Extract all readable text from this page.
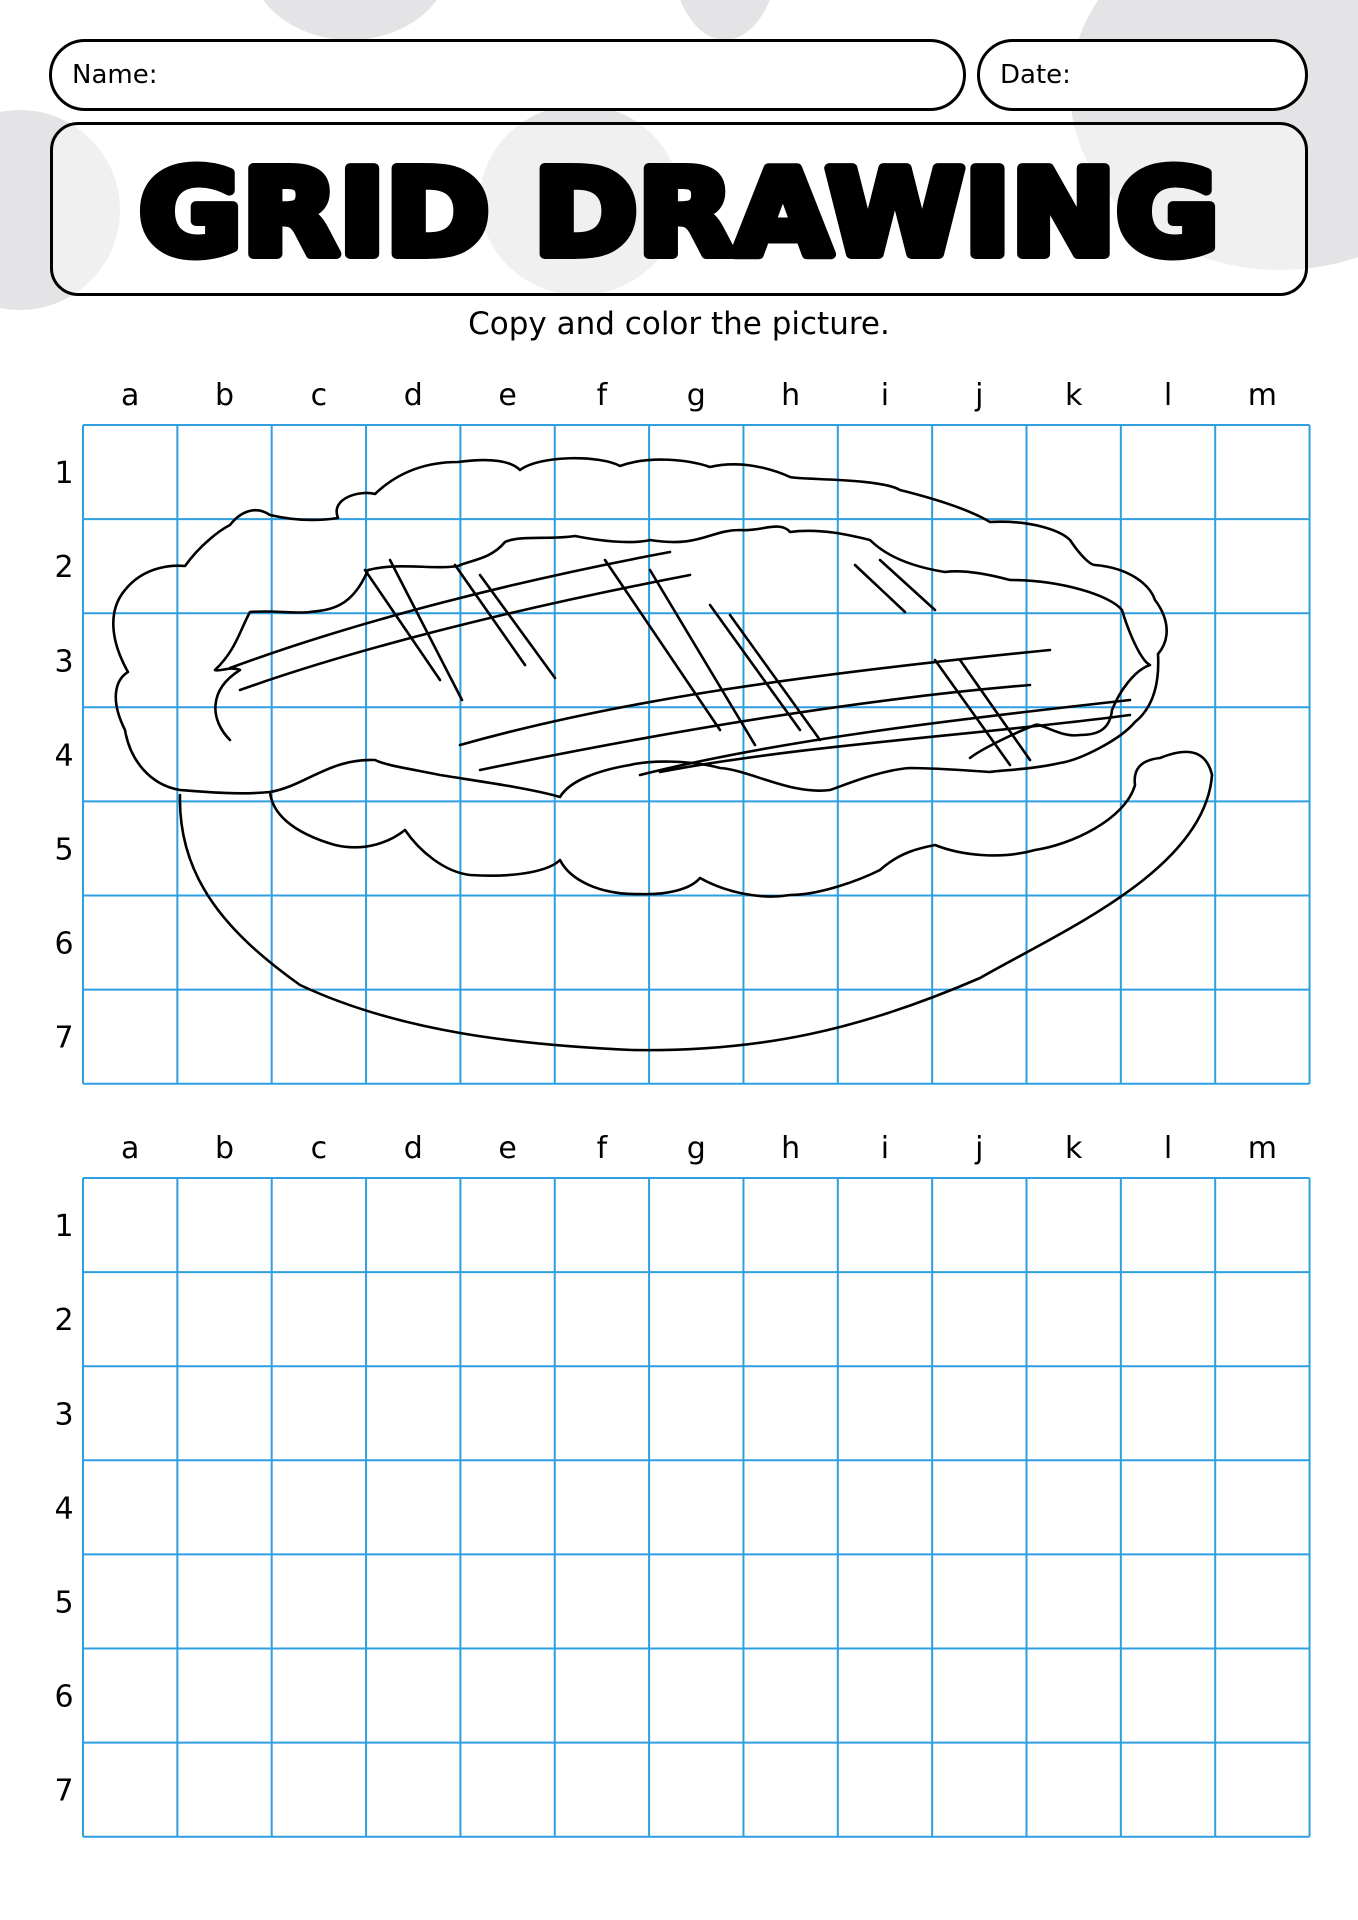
Name:	Date:
GRID DRAWING
Copy and color the picture.
a	b	c	d	e	f	g	h	i	j	k	l	m
1
2
3
4
5
6
7
a	b	c	d	e	f	g	h	i	j	k	l	m
1
2
3
4
5
6
7
